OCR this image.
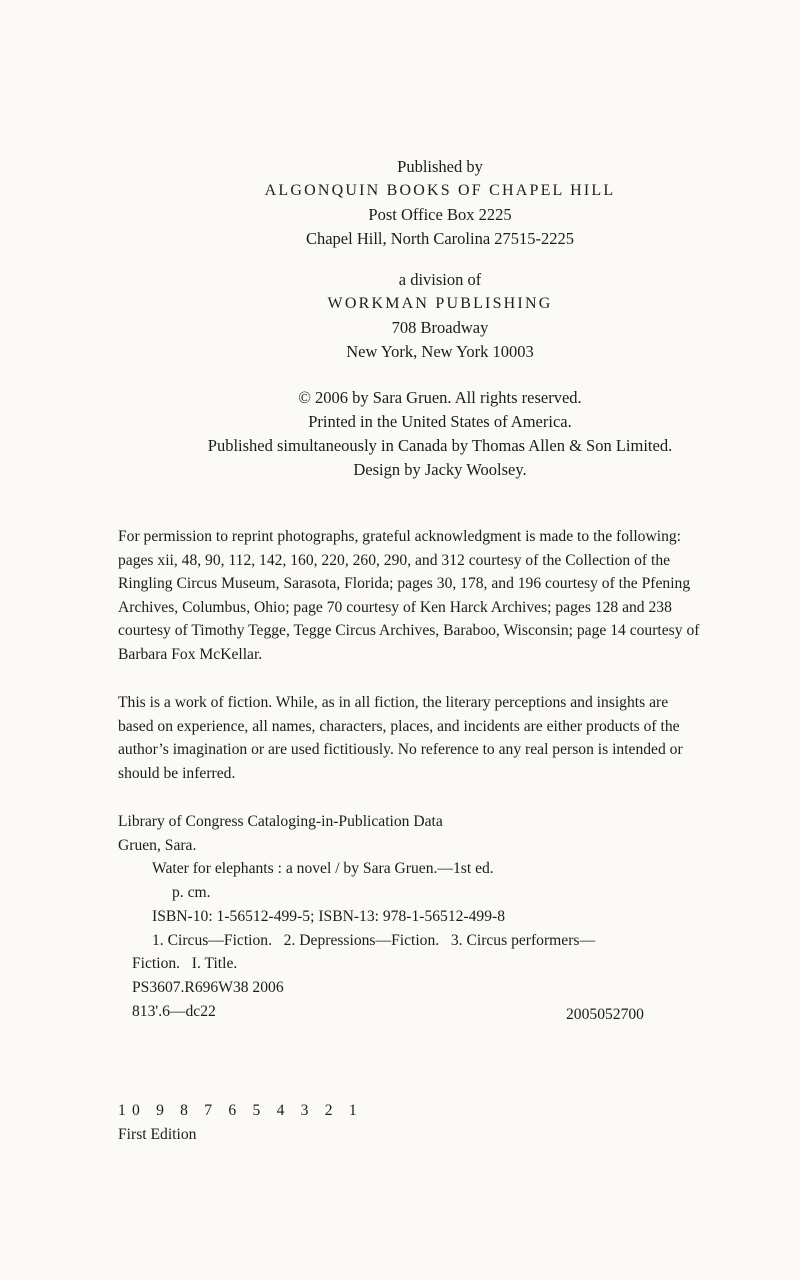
Published by
ALGONQUIN BOOKS OF CHAPEL HILL
Post Office Box 2225
Chapel Hill, North Carolina 27515-2225
a division of
WORKMAN PUBLISHING
708 Broadway
New York, New York 10003
© 2006 by Sara Gruen. All rights reserved.
Printed in the United States of America.
Published simultaneously in Canada by Thomas Allen & Son Limited.
Design by Jacky Woolsey.
For permission to reprint photographs, grateful acknowledgment is made to the following:
pages xii, 48, 90, 112, 142, 160, 220, 260, 290, and 312 courtesy of the Collection of the
Ringling Circus Museum, Sarasota, Florida; pages 30, 178, and 196 courtesy of the Pfening
Archives, Columbus, Ohio; page 70 courtesy of Ken Harck Archives; pages 128 and 238
courtesy of Timothy Tegge, Tegge Circus Archives, Baraboo, Wisconsin; page 14 courtesy of
Barbara Fox McKellar.
This is a work of fiction. While, as in all fiction, the literary perceptions and insights are
based on experience, all names, characters, places, and incidents are either products of the
author’s imagination or are used fictitiously. No reference to any real person is intended or
should be inferred.
Library of Congress Cataloging-in-Publication Data
Gruen, Sara.
Water for elephants : a novel / by Sara Gruen.—1st ed.
p. cm.
ISBN-10: 1-56512-499-5; ISBN-13: 978-1-56512-499-8
1. Circus—Fiction.   2. Depressions—Fiction.   3. Circus performers—
Fiction.   I. Title.
PS3607.R696W38 2006
813'.6—dc22	2005052700
10 9 8 7 6 5 4 3 2 1
First Edition
